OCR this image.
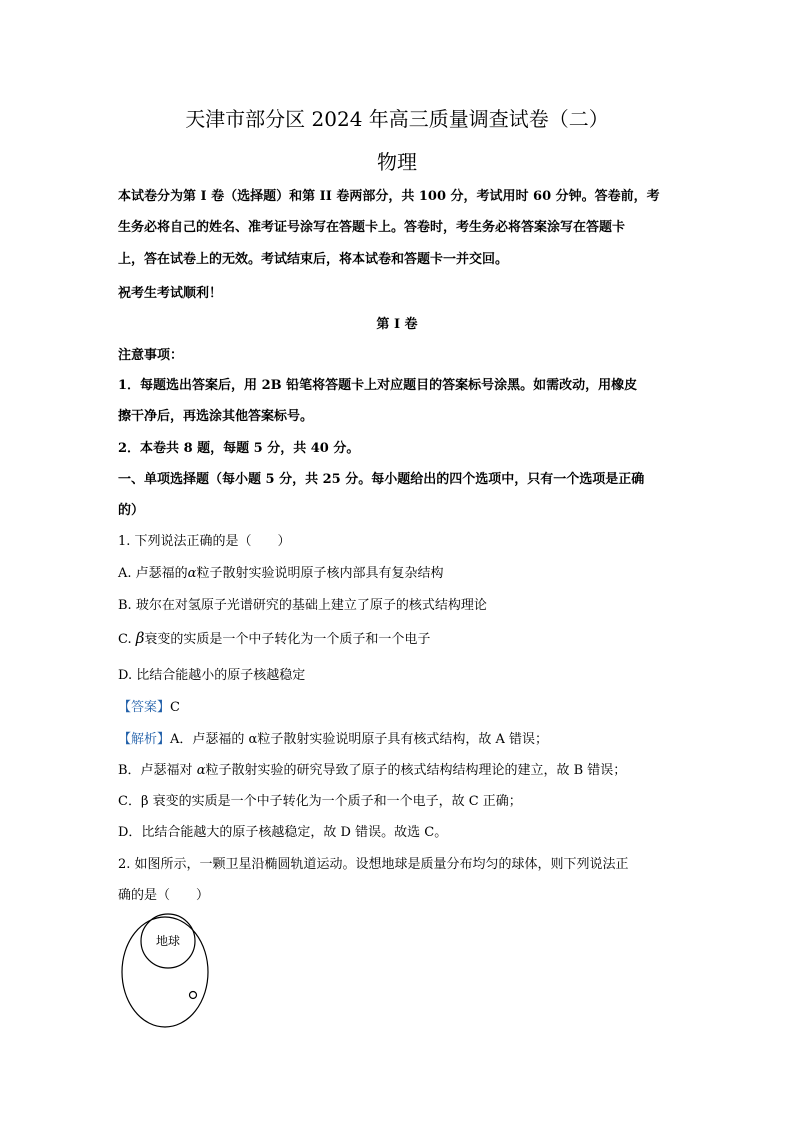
天津市部分区 2024 年高三质量调查试卷（二）
物理
本试卷分为第 I 卷（选择题）和第 II 卷两部分，共 100 分，考试用时 60 分钟。答卷前，考
生务必将自己的姓名、准考证号涂写在答题卡上。答卷时，考生务必将答案涂写在答题卡
上，答在试卷上的无效。考试结束后，将本试卷和答题卡一并交回。
祝考生考试顺利！
第 I 卷
注意事项：
1．每题选出答案后，用 2B 铅笔将答题卡上对应题目的答案标号涂黑。如需改动，用橡皮
擦干净后，再选涂其他答案标号。
2．本卷共 8 题，每题 5 分，共 40 分。
一、单项选择题（每小题 5 分，共 25 分。每小题给出的四个选项中，只有一个选项是正确
的）
1. 下列说法正确的是（　　）
A. 卢瑟福的α粒子散射实验说明原子核内部具有复杂结构
B. 玻尔在对氢原子光谱研究的基础上建立了原子的核式结构理论
C. β衰变的实质是一个中子转化为一个质子和一个电子
D. 比结合能越小的原子核越稳定
【答案】C
【解析】A．卢瑟福的 α粒子散射实验说明原子具有核式结构，故 A 错误；
B．卢瑟福对 α粒子散射实验的研究导致了原子的核式结构结构理论的建立，故 B 错误；
C．β 衰变的实质是一个中子转化为一个质子和一个电子，故 C 正确；
D．比结合能越大的原子核越稳定，故 D 错误。故选 C。
2. 如图所示，一颗卫星沿椭圆轨道运动。设想地球是质量分布均匀的球体，则下列说法正
确的是（　　）
地球
